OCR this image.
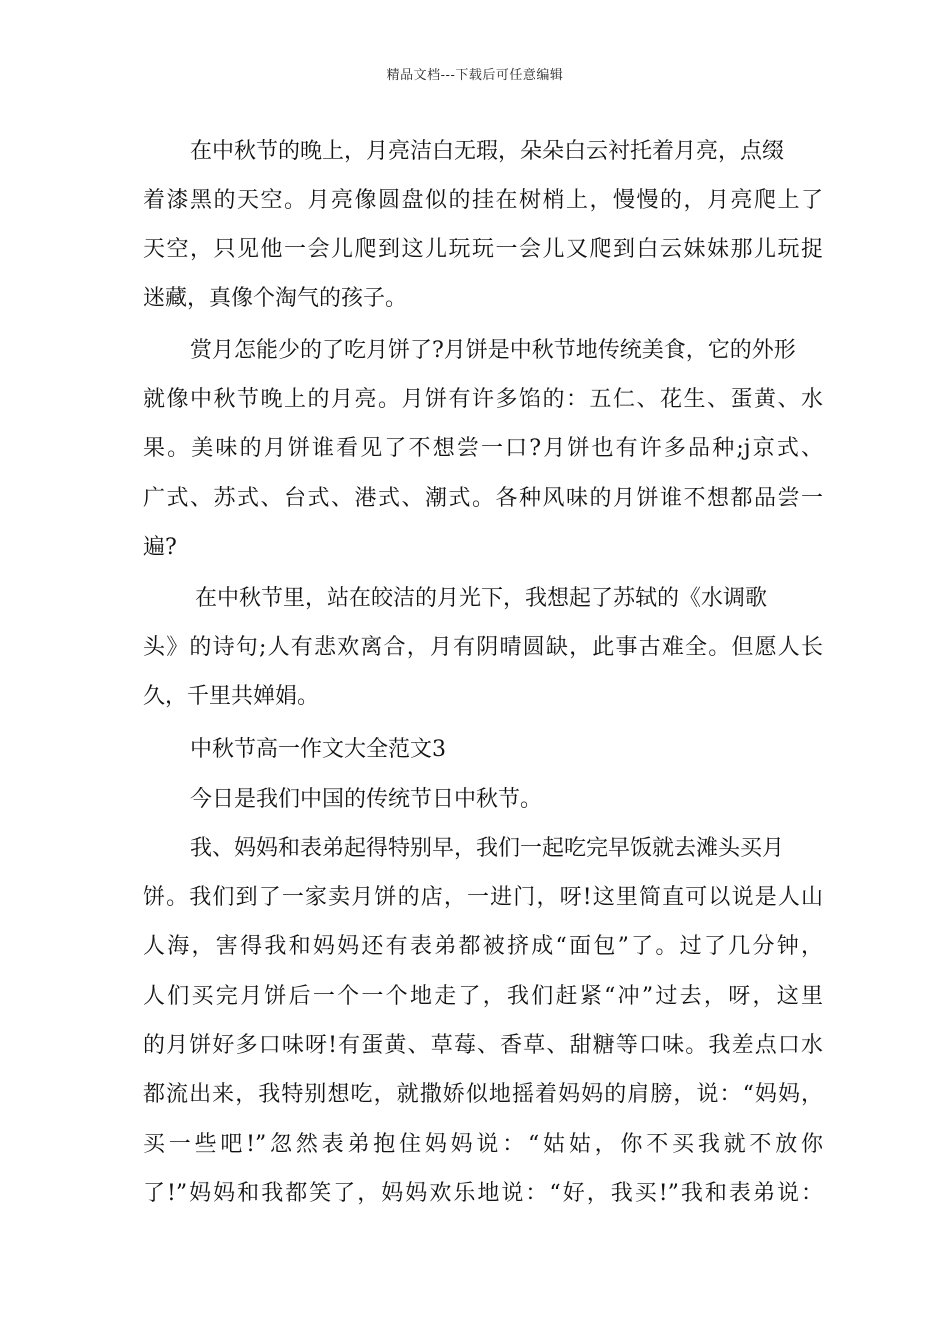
精品文档---下载后可任意编辑
在中秋节的晚上，月亮洁白无瑕，朵朵白云衬托着月亮，点缀
着漆黑的天空。月亮像圆盘似的挂在树梢上，慢慢的，月亮爬上了
天空，只见他一会儿爬到这儿玩玩一会儿又爬到白云妹妹那儿玩捉
迷藏，真像个淘气的孩子。
赏月怎能少的了吃月饼了?月饼是中秋节地传统美食，它的外形
就像中秋节晚上的月亮。月饼有许多馅的：五仁、花生、蛋黄、水
果。美味的月饼谁看见了不想尝一口?月饼也有许多品种;j京式、
广式、苏式、台式、港式、潮式。各种风味的月饼谁不想都品尝一
遍?
在中秋节里，站在皎洁的月光下，我想起了苏轼的《水调歌
头》的诗句;人有悲欢离合，月有阴晴圆缺，此事古难全。但愿人长
久，千里共婵娟。
中秋节高一作文大全范文3
今日是我们中国的传统节日中秋节。
我、妈妈和表弟起得特别早，我们一起吃完早饭就去滩头买月
饼。我们到了一家卖月饼的店，一进门，呀!这里简直可以说是人山
人海，害得我和妈妈还有表弟都被挤成“面包”了。过了几分钟，
人们买完月饼后一个一个地走了，我们赶紧“冲”过去，呀，这里
的月饼好多口味呀!有蛋黄、草莓、香草、甜糖等口味。我差点口水
都流出来，我特别想吃，就撒娇似地摇着妈妈的肩膀，说：“妈妈，
买一些吧!”忽然表弟抱住妈妈说：“姑姑，你不买我就不放你
了!”妈妈和我都笑了，妈妈欢乐地说：“好，我买!”我和表弟说：
